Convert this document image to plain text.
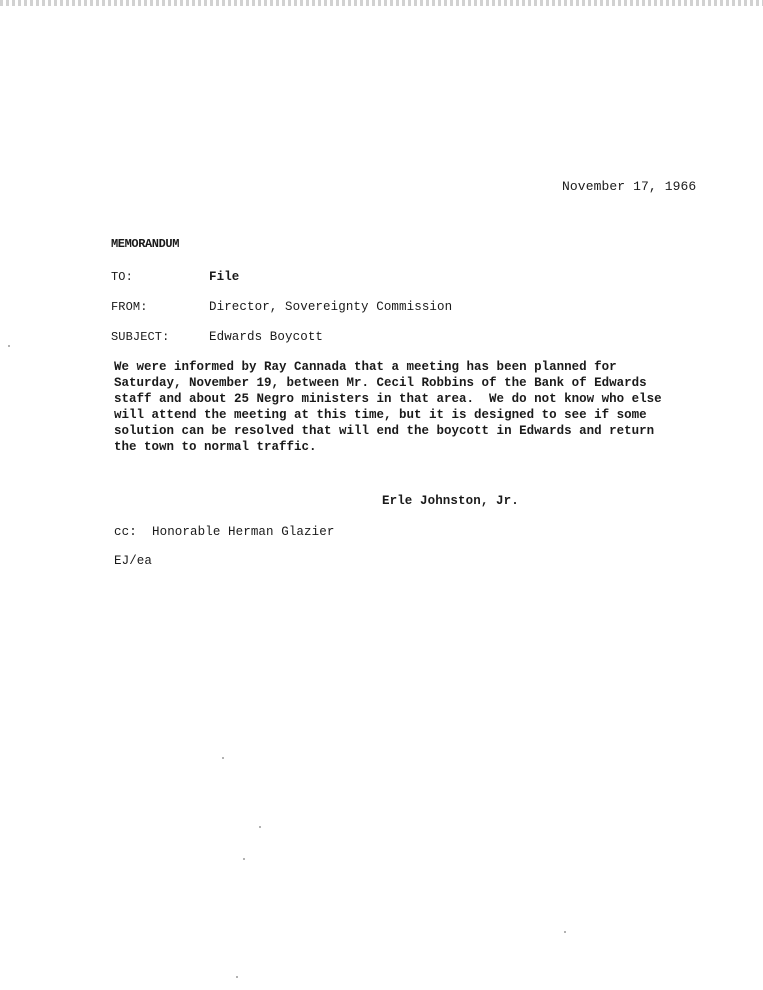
November 17, 1966
MEMORANDUM
TO:	File
FROM:	Director, Sovereignty Commission
SUBJECT:	Edwards Boycott
We were informed by Ray Cannada that a meeting has been planned for
Saturday, November 19, between Mr. Cecil Robbins of the Bank of Edwards
staff and about 25 Negro ministers in that area.  We do not know who else
will attend the meeting at this time, but it is designed to see if some
solution can be resolved that will end the boycott in Edwards and return
the town to normal traffic.
Erle Johnston, Jr.
cc:  Honorable Herman Glazier
EJ/ea
